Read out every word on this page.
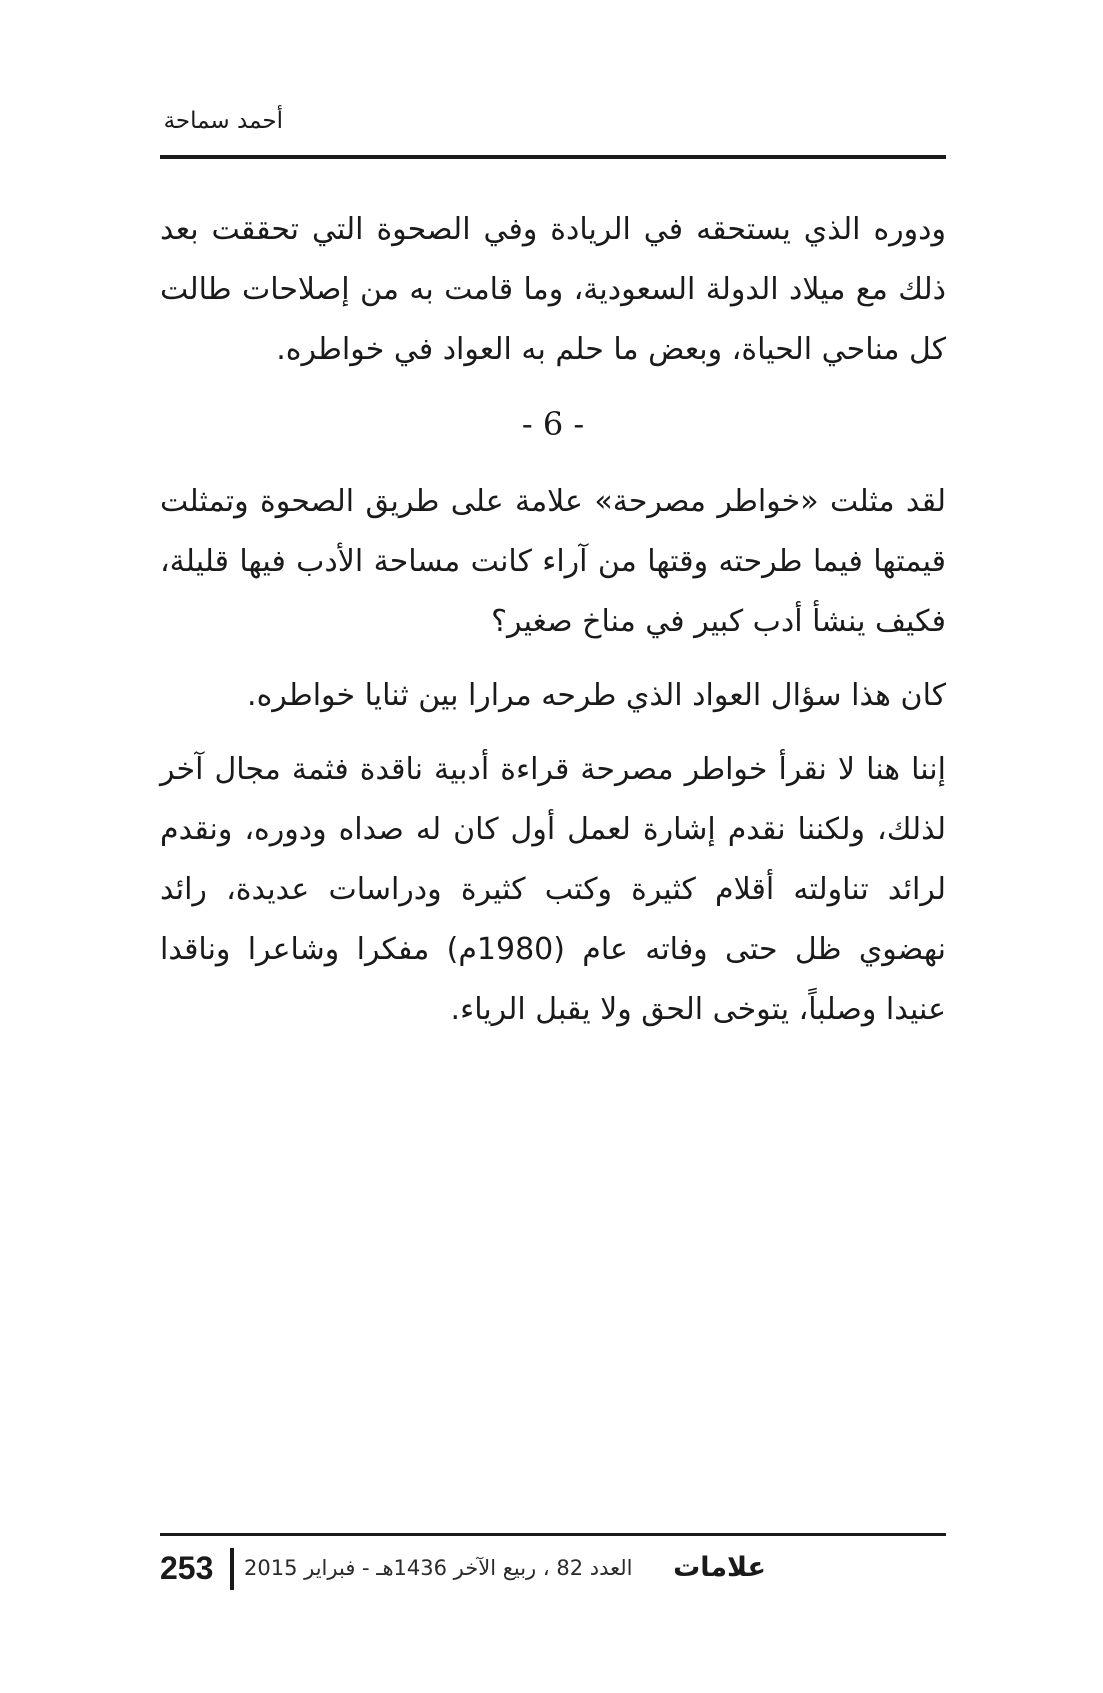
أحمد سماحة

ودوره الذي يستحقه في الريادة وفي الصحوة التي تحققت بعد ذلك مع ميلاد الدولة السعودية، وما قامت به من إصلاحات طالت كل مناحي الحياة، وبعض ما حلم به العواد في خواطره.

- 6 -

لقد مثلت «خواطر مصرحة» علامة على طريق الصحوة وتمثلت قيمتها فيما طرحته وقتها من آراء كانت مساحة الأدب فيها قليلة، فكيف ينشأ أدب كبير في مناخ صغير؟

كان هذا سؤال العواد الذي طرحه مرارا بين ثنايا خواطره.

إننا هنا لا نقرأ خواطر مصرحة قراءة أدبية ناقدة فثمة مجال آخر لذلك، ولكننا نقدم إشارة لعمل أول كان له صداه ودوره، ونقدم لرائد تناولته أقلام كثيرة وكتب كثيرة ودراسات عديدة، رائد نهضوي ظل حتى وفاته عام (1980م) مفكرا وشاعرا وناقدا عنيدا وصلباً، يتوخى الحق ولا يقبل الرياء.

253 العدد 82 ، ربيع الآخر 1436هـ - فبراير 2015 علامات
